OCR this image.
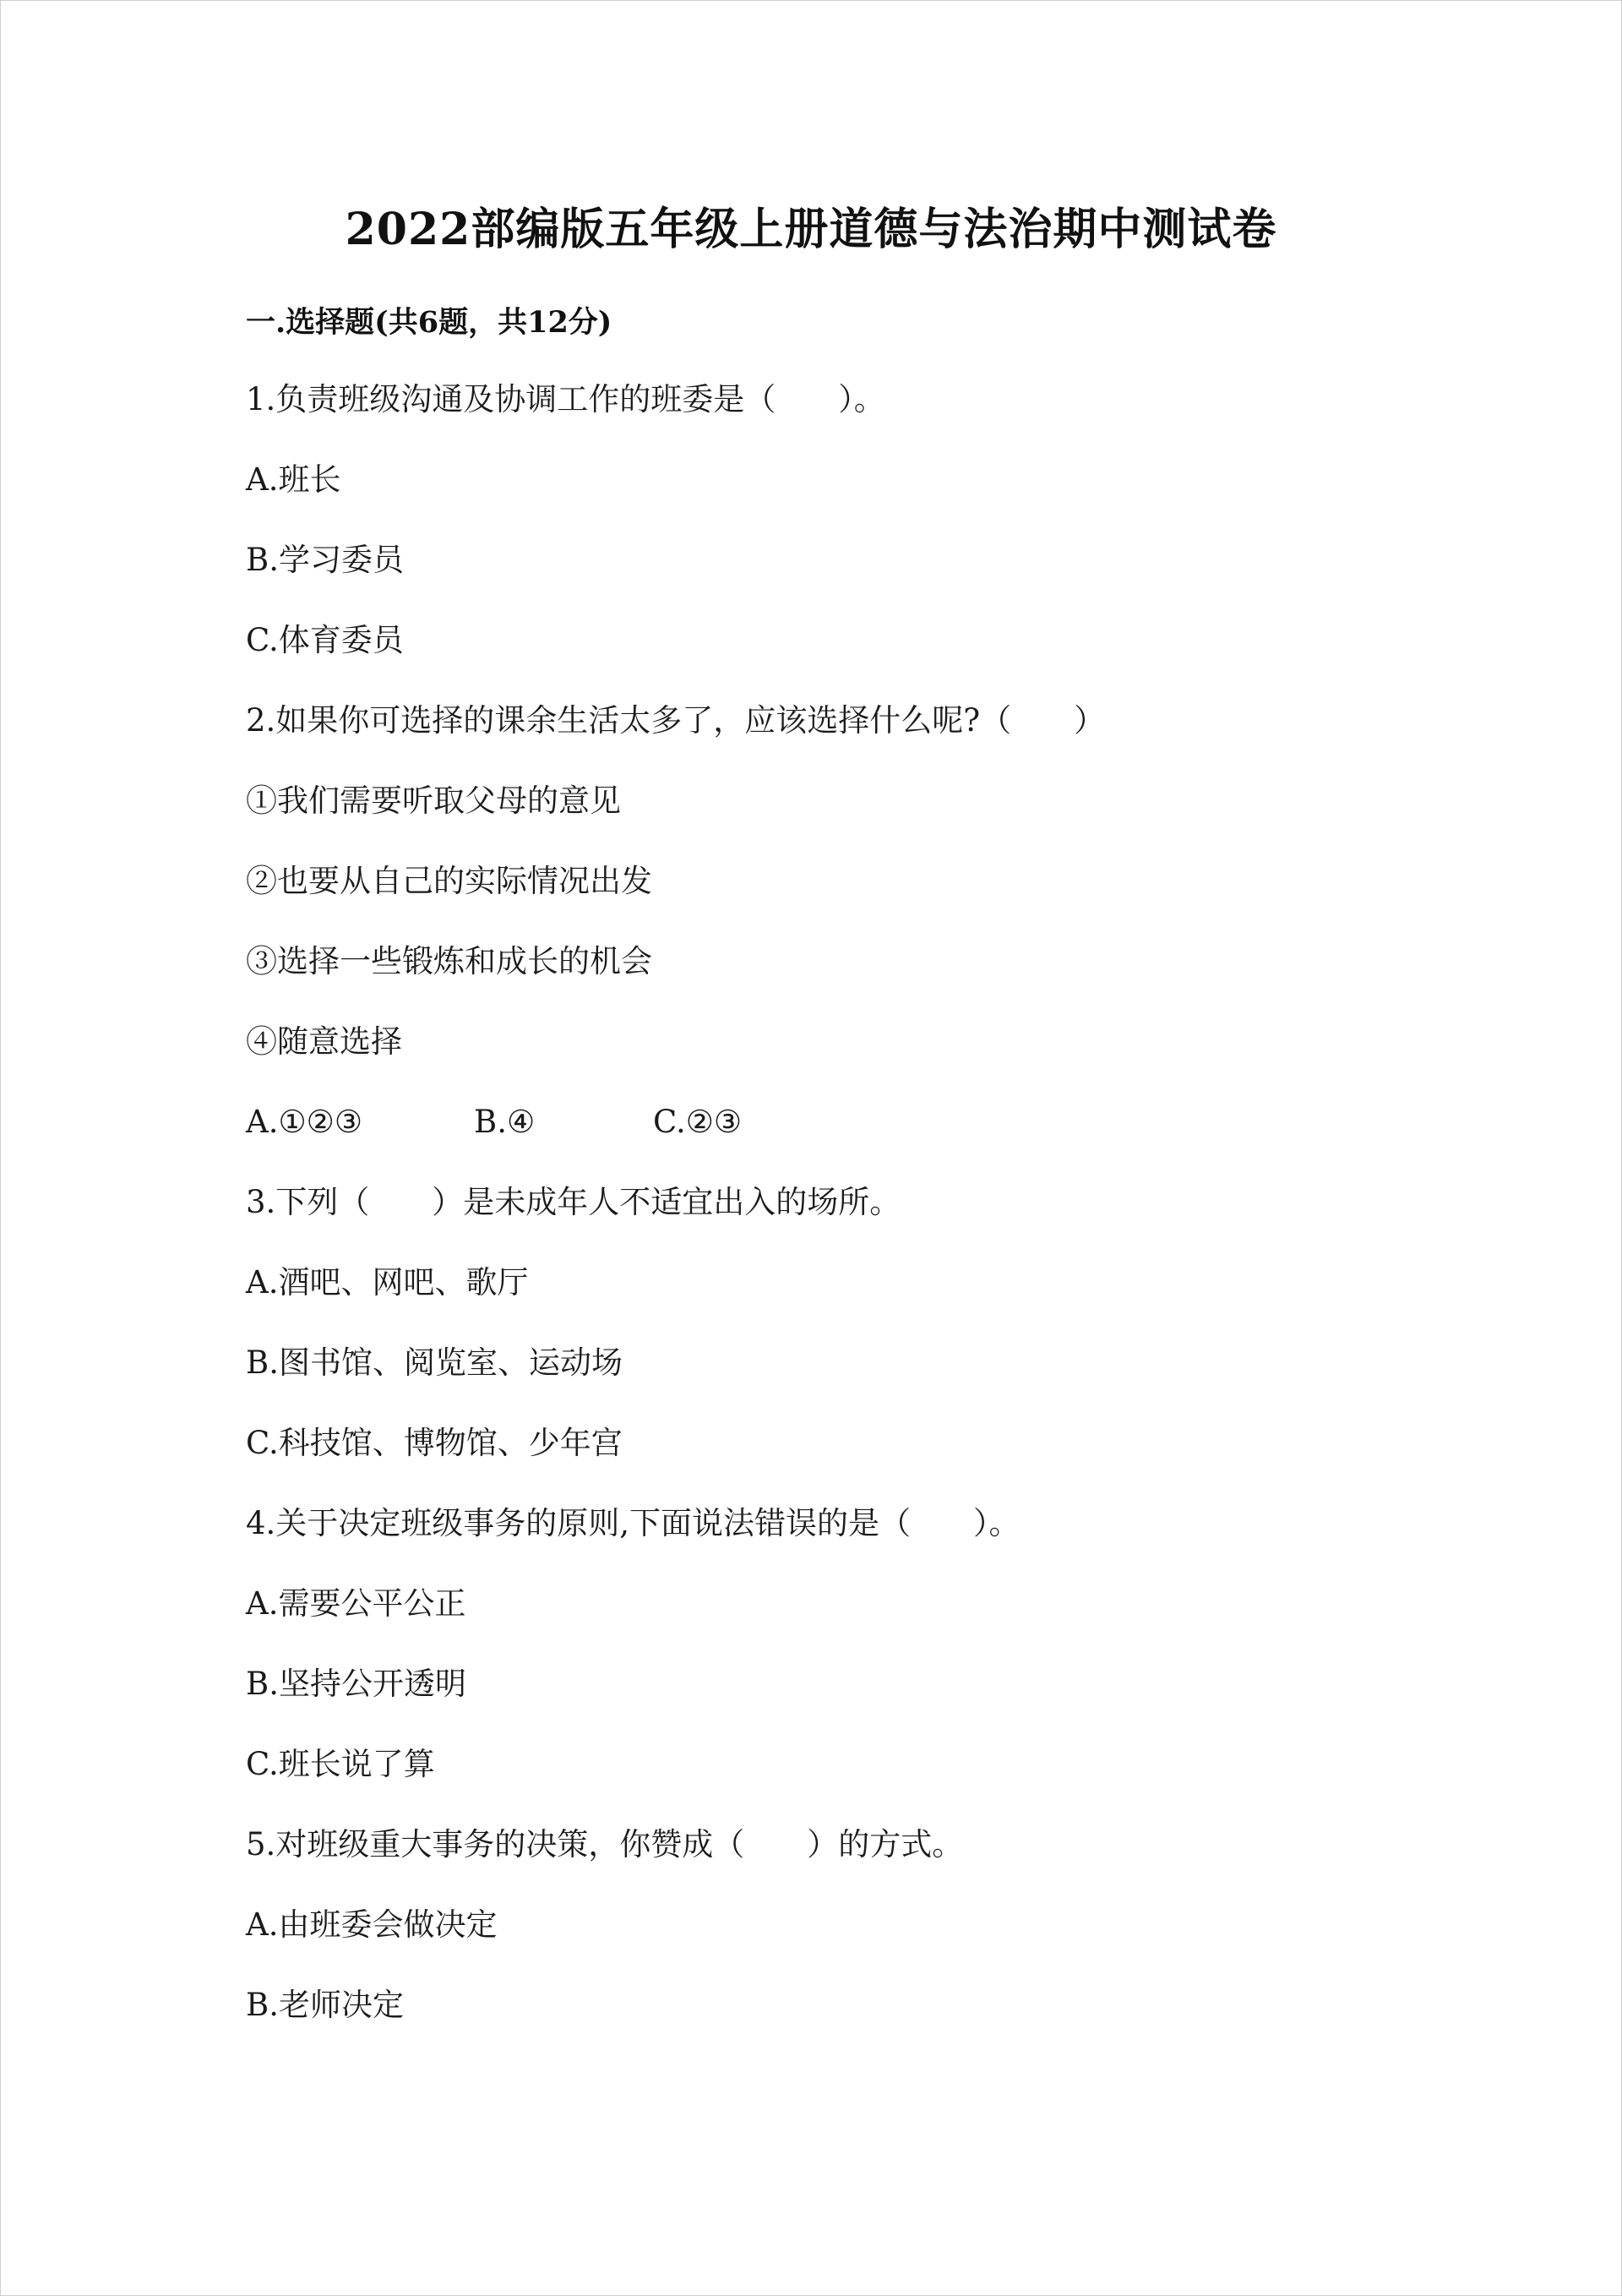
2022部编版五年级上册道德与法治期中测试卷
一.选择题(共6题，共12分)
1.负责班级沟通及协调工作的班委是（　　）。
A.班长
B.学习委员
C.体育委员
2.如果你可选择的课余生活太多了，应该选择什么呢?（　　）
①我们需要听取父母的意见
②也要从自己的实际情况出发
③选择一些锻炼和成长的机会
④随意选择
A.①②③	B.④	C.②③
3.下列（　　）是未成年人不适宜出入的场所。
A.酒吧、网吧、歌厅
B.图书馆、阅览室、运动场
C.科技馆、博物馆、少年宫
4.关于决定班级事务的原则,下面说法错误的是（　　）。
A.需要公平公正
B.坚持公开透明
C.班长说了算
5.对班级重大事务的决策，你赞成（　　）的方式。
A.由班委会做决定
B.老师决定
